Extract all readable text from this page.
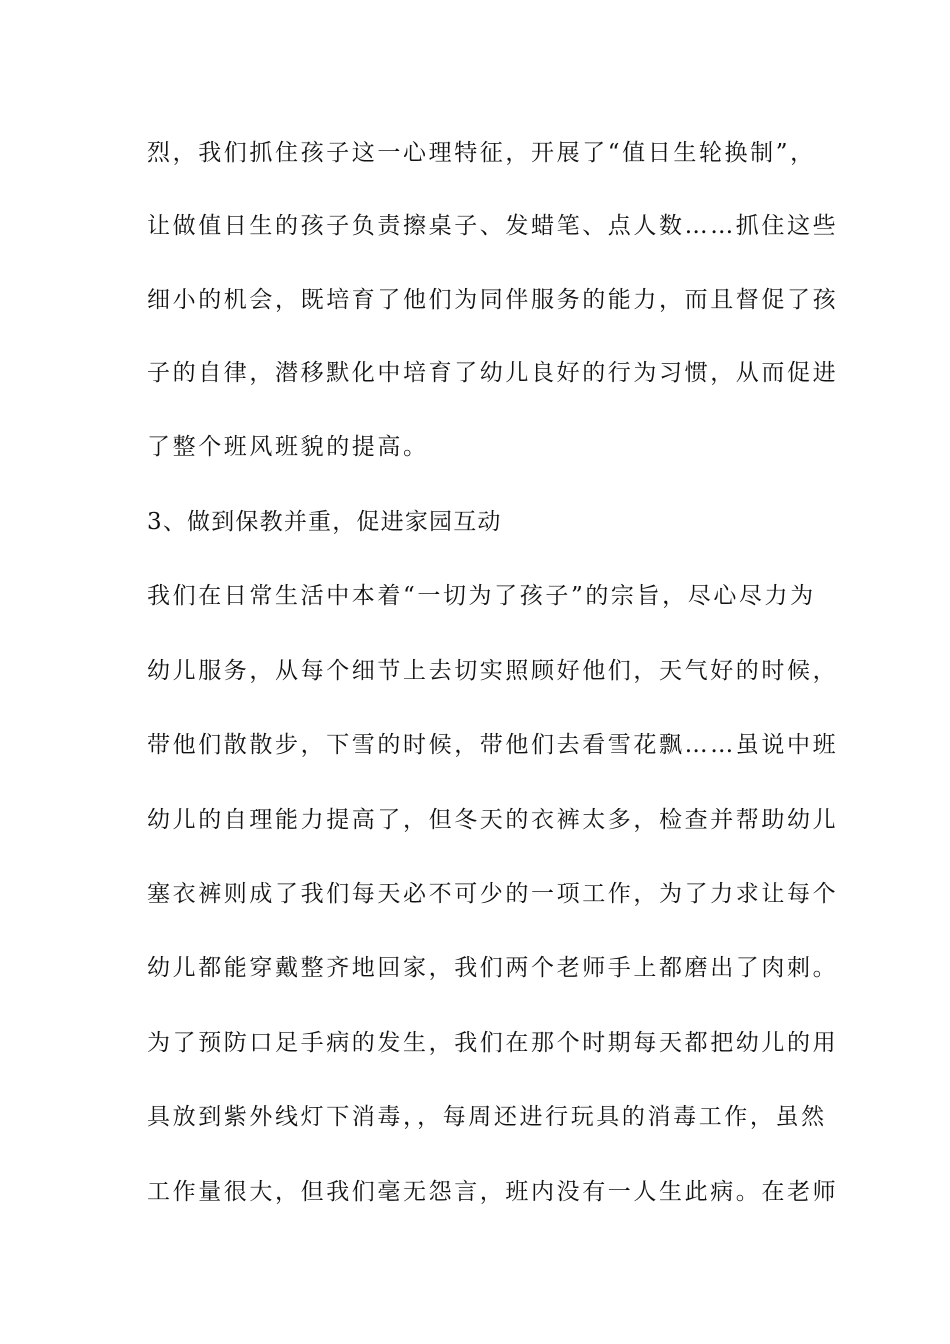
烈，我们抓住孩子这一心理特征，开展了“值日生轮换制”，
让做值日生的孩子负责擦桌子、发蜡笔、点人数……抓住这些
细小的机会，既培育了他们为同伴服务的能力，而且督促了孩
子的自律，潜移默化中培育了幼儿良好的行为习惯，从而促进
了整个班风班貌的提高。
3、做到保教并重，促进家园互动
我们在日常生活中本着“一切为了孩子”的宗旨，尽心尽力为
幼儿服务，从每个细节上去切实照顾好他们，天气好的时候，
带他们散散步，下雪的时候，带他们去看雪花飘……虽说中班
幼儿的自理能力提高了，但冬天的衣裤太多，检查并帮助幼儿
塞衣裤则成了我们每天必不可少的一项工作，为了力求让每个
幼儿都能穿戴整齐地回家，我们两个老师手上都磨出了肉刺。
为了预防口足手病的发生，我们在那个时期每天都把幼儿的用
具放到紫外线灯下消毒，，每周还进行玩具的消毒工作，虽然
工作量很大，但我们毫无怨言，班内没有一人生此病。在老师
